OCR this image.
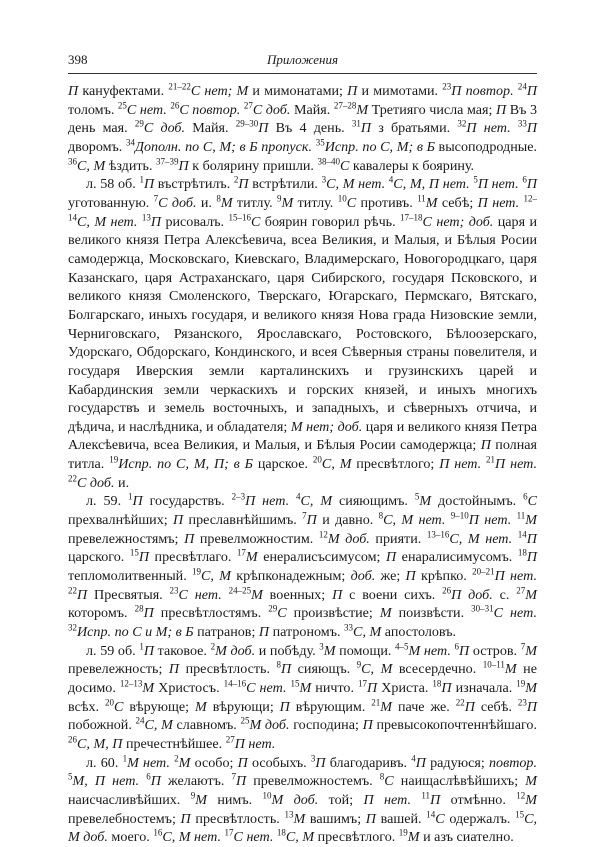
398	Приложения

П кануфектами. $^{21-22}$С нет; М и мимонатами; П и мимотами. $^{23}$П повтор. $^{24}$П толомъ. $^{25}$С нет. $^{26}$С повтор. $^{27}$С доб. Майя. $^{27-28}$М Третияго числа мая; П Въ 3 день мая. $^{29}$С доб. Майя. $^{29-30}$П Въ 4 день. $^{31}$П з братьями. $^{32}$П нет. $^{33}$П дворомъ. $^{34}$Дополн. по С, М; в Б пропуск. $^{35}$Испр. по С, М; в Б высоподродные. $^{36}$С, М ѣздить. $^{37-39}$П к болярину пришли. $^{38-40}$С кавалеры к боярину.

л. 58 об. $^1$П въстрѣтилъ. $^2$П встрѣтили. $^3$С, М нет. $^4$С, М, П нет. $^5$П нет. $^6$П уготованную. $^7$С доб. и. $^8$М титлу. $^9$М титлу. $^{10}$С противъ. $^{11}$М себѣ; П нет. $^{12-14}$С, М нет. $^{13}$П рисовалъ. $^{15-16}$С боярин говорил рѣчь. $^{17-18}$С нет; доб. царя и великого князя Петра Алексѣевича, всеа Великия, и Малыя, и Бѣлыя Росии самодержца, Московскаго, Киевскаго, Владимерскаго, Новогородцкаго, царя Казанскаго, царя Астраханскаго, царя Сибирского, государя Псковского, и великого князя Смоленского, Тверскаго, Югарскаго, Пермскаго, Вятскаго, Болгарскаго, иныхъ государя, и великого князя Нова града Низовские земли, Черниговскаго, Рязанского, Ярославскаго, Ростовского, Бѣлоозерскаго, Удорскаго, Обдорскаго, Кондинского, и всея Сѣверныя страны повелителя, и государя Иверския земли карталинскихъ и грузинскихъ царей и Кабардинския земли черкаскихъ и горских князей, и иныхъ многихъ государствъ и земель восточныхъ, и западныхъ, и сѣверныхъ отчича, и дѣдича, и наслѣдника, и обладателя; М нет; доб. царя и великого князя Петра Алексѣевича, всеа Великия, и Малыя, и Бѣлыя Росии самодержца; П полная титла. $^{19}$Испр. по С, М, П; в Б царское. $^{20}$С, М пресвѣтлого; П нет. $^{21}$П нет. $^{22}$С доб. и.

л. 59. $^1$П государствъ. $^{2-3}$П нет. $^4$С, М сияющимъ. $^5$М достойнымъ. $^6$С прехвалнѣйших; П преславнѣйшимъ. $^7$П и давно. $^8$С, М нет. $^{9-10}$П нет. $^{11}$М превележностямъ; П превелможностим. $^{12}$М доб. прияти. $^{13-16}$С, М нет. $^{14}$П царского. $^{15}$П пресвѣтлаго. $^{17}$М енералисъсимусом; П енаралисимусомъ. $^{18}$П тепломолитвенный. $^{19}$С, М крѣпконадежным; доб. же; П крѣпко. $^{20-21}$П нет. $^{22}$П Пресвятыя. $^{23}$С нет. $^{24-25}$М военных; П с воени сихъ. $^{26}$П доб. с. $^{27}$М которомъ. $^{28}$П пресвѣтлостямъ. $^{29}$С произвѣстие; М поизвѣсти. $^{30-31}$С нет. $^{32}$Испр. по С и М; в Б патранов; П патрономъ. $^{33}$С, М апостоловъ.

л. 59 об. $^1$П таковое. $^2$М доб. и побѣду. $^3$М помощи. $^{4-5}$М нет. $^6$П остров. $^7$М превележность; П пресвѣтлость. $^8$П сияющъ. $^9$С, М всесердечно. $^{10-11}$М не досимо. $^{12-13}$М Христосъ. $^{14-16}$С нет. $^{15}$М ничто. $^{17}$П Христа. $^{18}$П изначала. $^{19}$М всѣх. $^{20}$С вѣрующе; М вѣрующи; П вѣрующим. $^{21}$М паче же. $^{22}$П себѣ. $^{23}$П побожной. $^{24}$С, М славномъ. $^{25}$М доб. господина; П превысокопочтеннѣйшаго. $^{26}$С, М, П пречестнѣйшее. $^{27}$П нет.

л. 60. $^1$М нет. $^2$М особо; П особыхъ. $^3$П благодаривъ. $^4$П радуюся; повтор. $^5$М, П нет. $^6$П желаютъ. $^7$П превелможностемъ. $^8$С наищаслѣвѣйшихъ; М наисчасливѣйших. $^9$М нимъ. $^{10}$М доб. той; П нет. $^{11}$П отмѣнно. $^{12}$М превелебностемъ; П пресвѣтлость. $^{13}$М вашимъ; П вашей. $^{14}$С одержалъ. $^{15}$С, М доб. моего. $^{16}$С, М нет. $^{17}$С нет. $^{18}$С, М пресвѣтлого. $^{19}$М и азъ сиателно.
